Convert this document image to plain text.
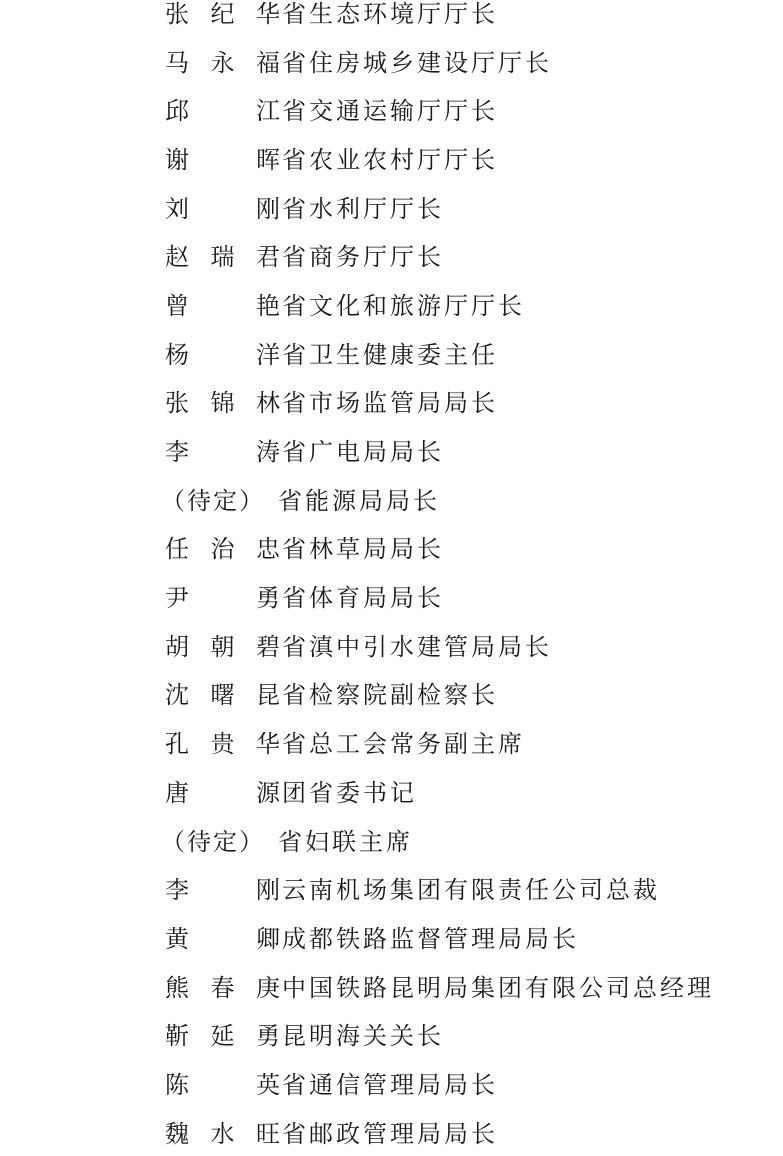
张 纪 华 省生态环境厅厅长
马 永 福 省住房城乡建设厅厅长
邱	江 省交通运输厅厅长
谢	晖 省农业农村厅厅长
刘	刚 省水利厅厅长
赵 瑞 君 省商务厅厅长
曾	艳 省文化和旅游厅厅长
杨	洋 省卫生健康委主任
张 锦 林 省市场监管局局长
李	涛 省广电局局长
（待定） 省能源局局长
任 治 忠 省林草局局长
尹	勇 省体育局局长
胡 朝 碧 省滇中引水建管局局长
沈 曙 昆 省检察院副检察长
孔 贵 华 省总工会常务副主席
唐	源 团省委书记
（待定） 省妇联主席
李	刚 云南机场集团有限责任公司总裁
黄	卿 成都铁路监督管理局局长
熊 春 庚 中国铁路昆明局集团有限公司总经理
靳 延 勇 昆明海关关长
陈	英 省通信管理局局长
魏 水 旺 省邮政管理局局长
